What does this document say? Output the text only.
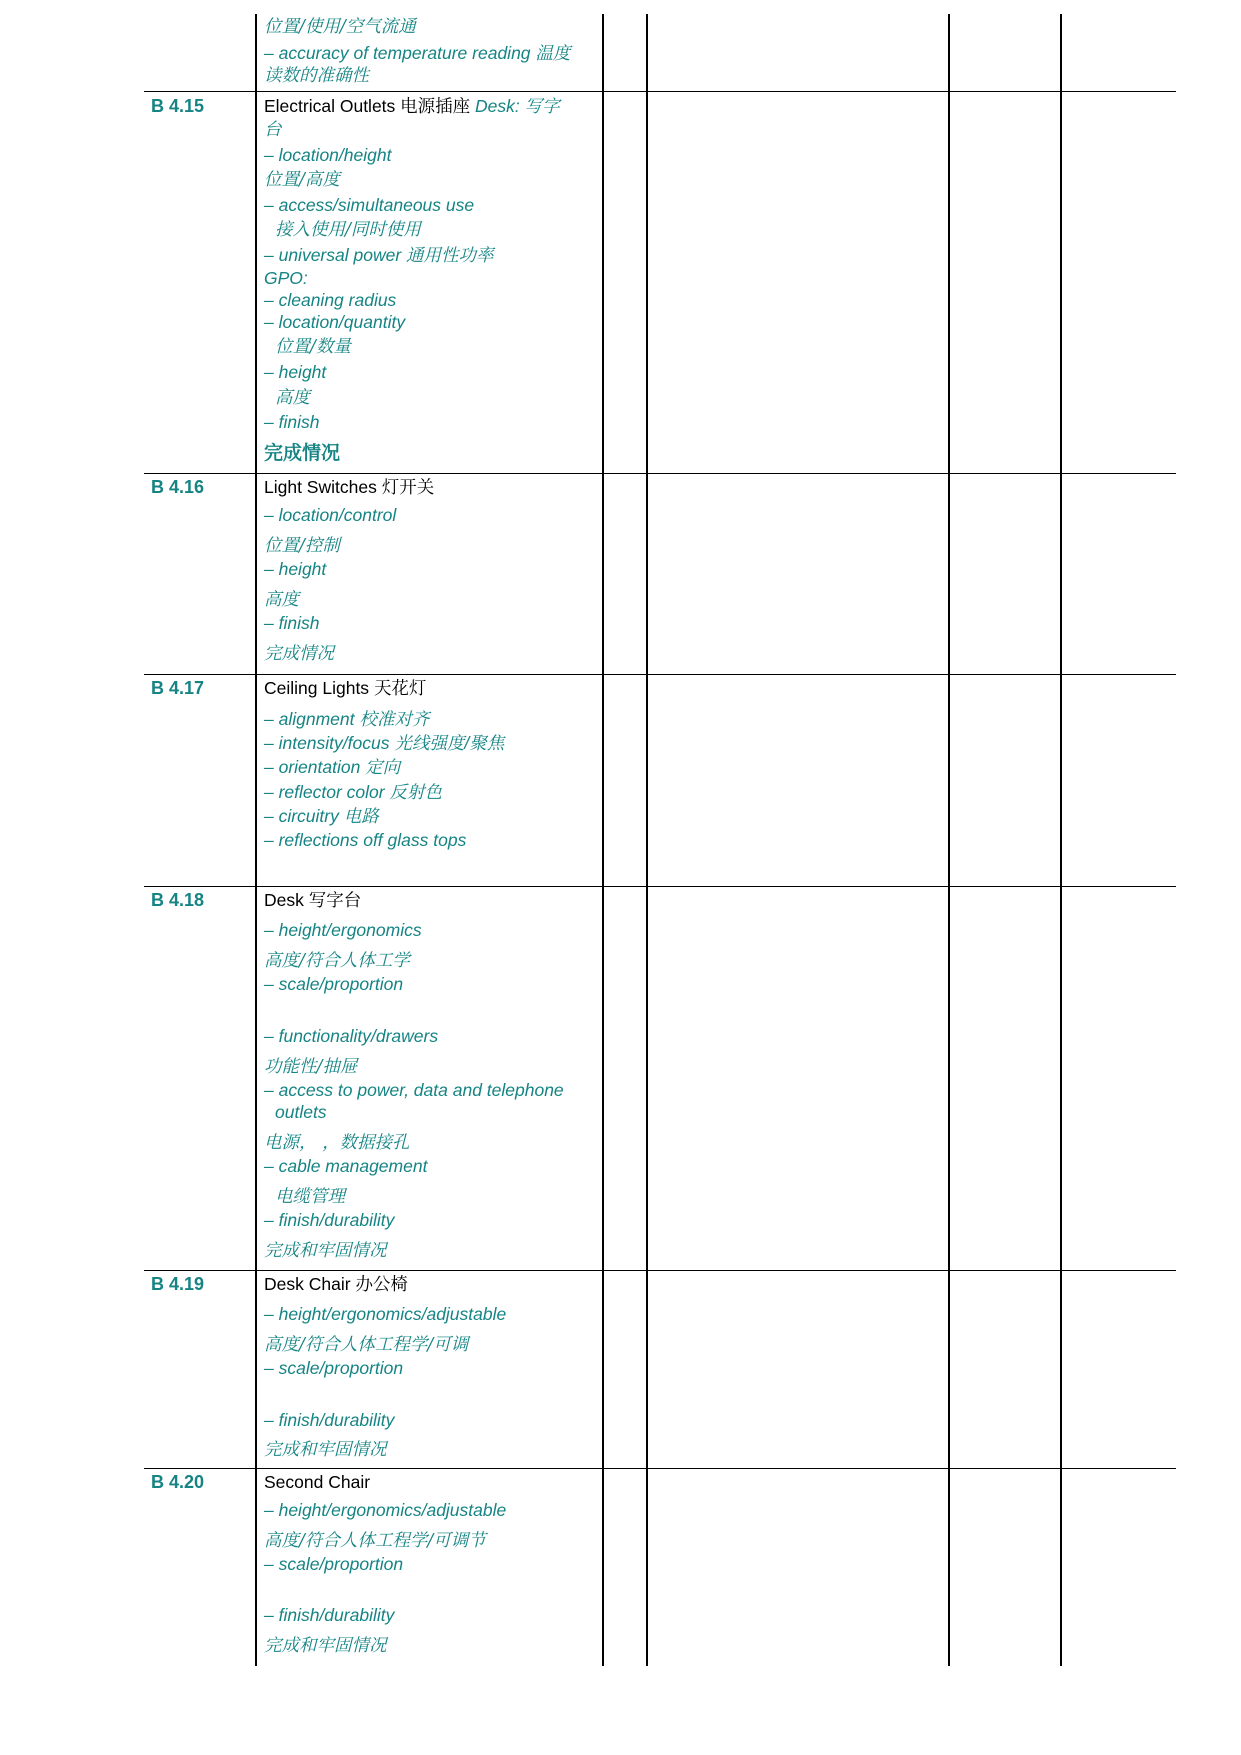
位置/使用/空气流通
– accuracy of temperature reading 温度
读数的准确性
B 4.15	Electrical Outlets 电源插座 Desk: 写字
台
– location/height
位置/高度
– access/simultaneous use
接入使用/同时使用
– universal power 通用性功率
GPO:
– cleaning radius
– location/quantity
位置/数量
– height
高度
– finish
完成情况
B 4.16	Light Switches 灯开关
– location/control
位置/控制
– height
高度
– finish
完成情况
B 4.17	Ceiling Lights 天花灯
– alignment 校准对齐
– intensity/focus 光线强度/聚焦
– orientation 定向
– reflector color 反射色
– circuitry 电路
– reflections off glass tops
B 4.18	Desk 写字台
– height/ergonomics
高度/符合人体工学
– scale/proportion
– functionality/drawers
功能性/抽屉
– access to power, data and telephone
outlets
电源， ，数据接孔
– cable management
电缆管理
– finish/durability
完成和牢固情况
B 4.19	Desk Chair 办公椅
– height/ergonomics/adjustable
高度/符合人体工程学/可调
– scale/proportion
– finish/durability
完成和牢固情况
B 4.20	Second Chair
– height/ergonomics/adjustable
高度/符合人体工程学/可调节
– scale/proportion
– finish/durability
完成和牢固情况
